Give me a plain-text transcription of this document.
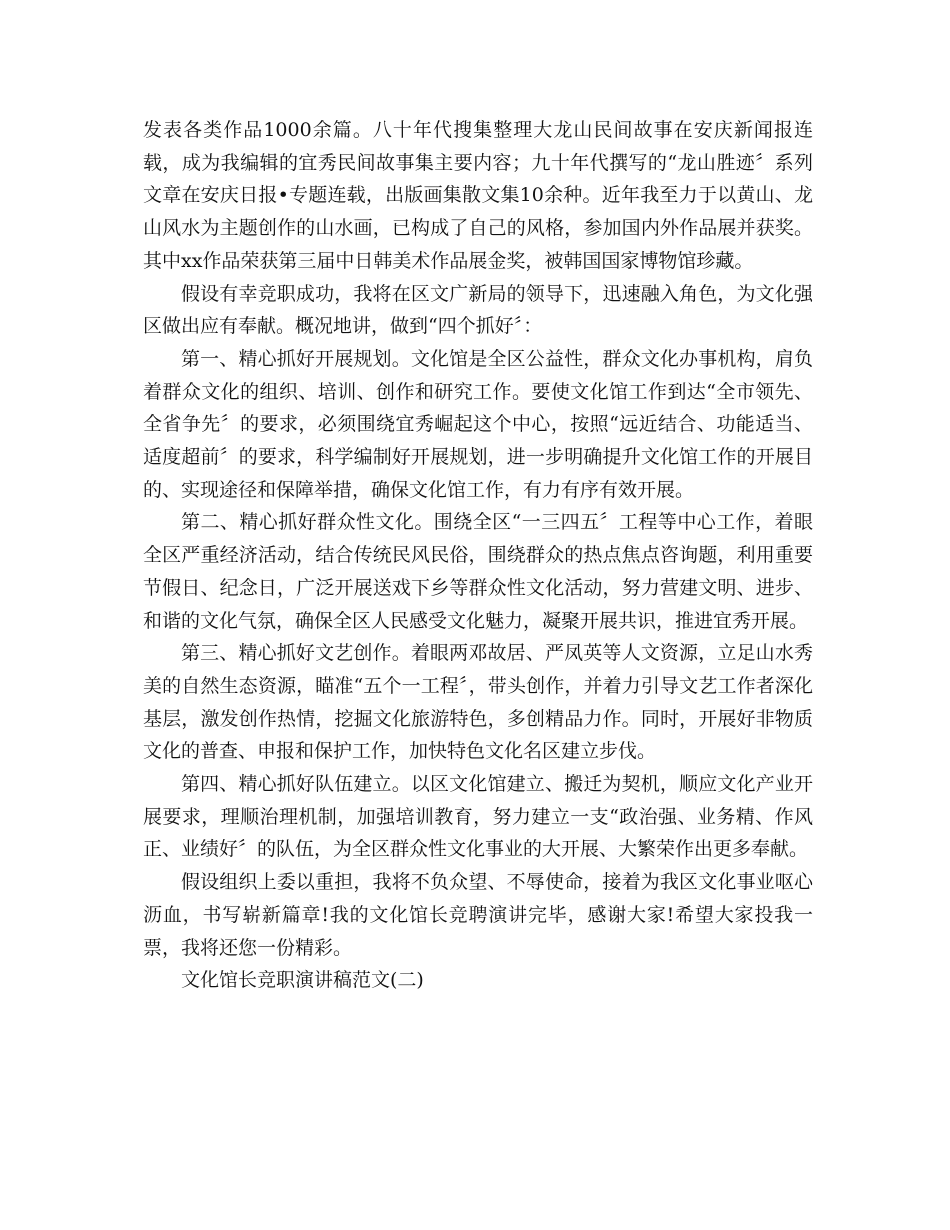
发表各类作品1000余篇。八十年代搜集整理大龙山民间故事在安庆新闻报连载，成为我编辑的宜秀民间故事集主要内容；九十年代撰写的“龙山胜迹〞系列文章在安庆日报•专题连载，出版画集散文集10余种。近年我至力于以黄山、龙山风水为主题创作的山水画，已构成了自己的风格，参加国内外作品展并获奖。其中xx作品荣获第三届中日韩美术作品展金奖，被韩国国家博物馆珍藏。

假设有幸竞职成功，我将在区文广新局的领导下，迅速融入角色，为文化强区做出应有奉献。概况地讲，做到“四个抓好〞：

第一、精心抓好开展规划。文化馆是全区公益性，群众文化办事机构，肩负着群众文化的组织、培训、创作和研究工作。要使文化馆工作到达“全市领先、全省争先〞的要求，必须围绕宜秀崛起这个中心，按照“远近结合、功能适当、适度超前〞的要求，科学编制好开展规划，进一步明确提升文化馆工作的开展目的、实现途径和保障举措，确保文化馆工作，有力有序有效开展。

第二、精心抓好群众性文化。围绕全区“一三四五〞工程等中心工作，着眼全区严重经济活动，结合传统民风民俗，围绕群众的热点焦点咨询题，利用重要节假日、纪念日，广泛开展送戏下乡等群众性文化活动，努力营建文明、进步、和谐的文化气氛，确保全区人民感受文化魅力，凝聚开展共识，推进宜秀开展。

第三、精心抓好文艺创作。着眼两邓故居、严凤英等人文资源，立足山水秀美的自然生态资源，瞄准“五个一工程〞，带头创作，并着力引导文艺工作者深化基层，激发创作热情，挖掘文化旅游特色，多创精品力作。同时，开展好非物质文化的普查、申报和保护工作，加快特色文化名区建立步伐。

第四、精心抓好队伍建立。以区文化馆建立、搬迁为契机，顺应文化产业开展要求，理顺治理机制，加强培训教育，努力建立一支“政治强、业务精、作风正、业绩好〞的队伍，为全区群众性文化事业的大开展、大繁荣作出更多奉献。

假设组织上委以重担，我将不负众望、不辱使命，接着为我区文化事业呕心沥血，书写崭新篇章!我的文化馆长竞聘演讲完毕，感谢大家!希望大家投我一票，我将还您一份精彩。

文化馆长竞职演讲稿范文(二)
